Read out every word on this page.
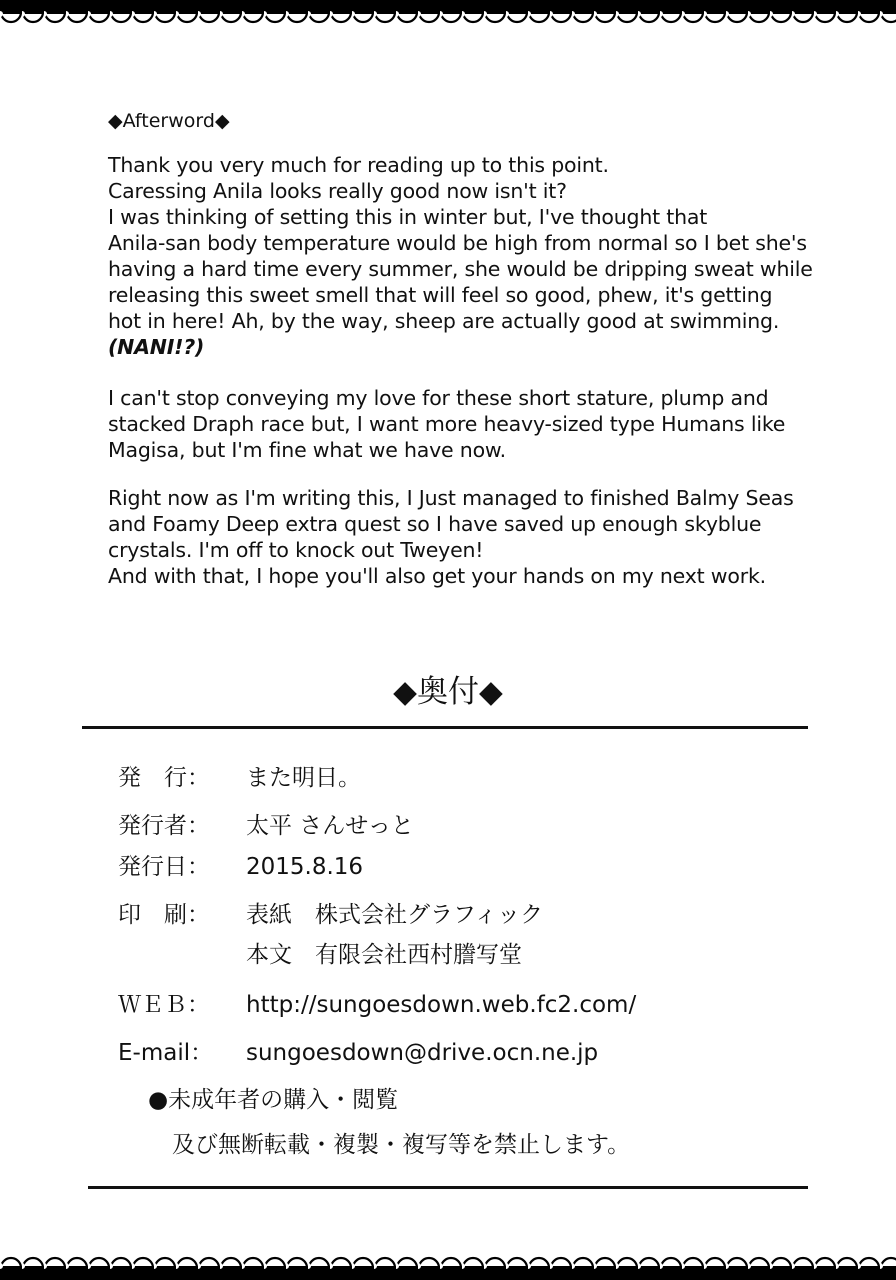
◆Afterword◆
Thank you very much for reading up to this point.
Caressing Anila looks really good now isn't it?
I was thinking of setting this in winter but, I've thought that
Anila-san body temperature would be high from normal so I bet she's
having a hard time every summer, she would be dripping sweat while
releasing this sweet smell that will feel so good, phew, it's getting
hot in here! Ah, by the way, sheep are actually good at swimming.
(NANI!?)
I can't stop conveying my love for these short stature, plump and
stacked Draph race but, I want more heavy-sized type Humans like
Magisa, but I'm fine what we have now.
Right now as I'm writing this, I Just managed to finished Balmy Seas
and Foamy Deep extra quest so I have saved up enough skyblue
crystals. I'm off to knock out Tweyen!
And with that, I hope you'll also get your hands on my next work.
◆奥付◆
発　行： また明日。
発行者： 太平 さんせっと
発行日： 2015.8.16
印　刷： 表紙　株式会社グラフィック
本文　有限会社西村謄写堂
ＷＥＢ： http://sungoesdown.web.fc2.com/
E-mail： sungoesdown@drive.ocn.ne.jp
●未成年者の購入・閲覧
及び無断転載・複製・複写等を禁止します。
